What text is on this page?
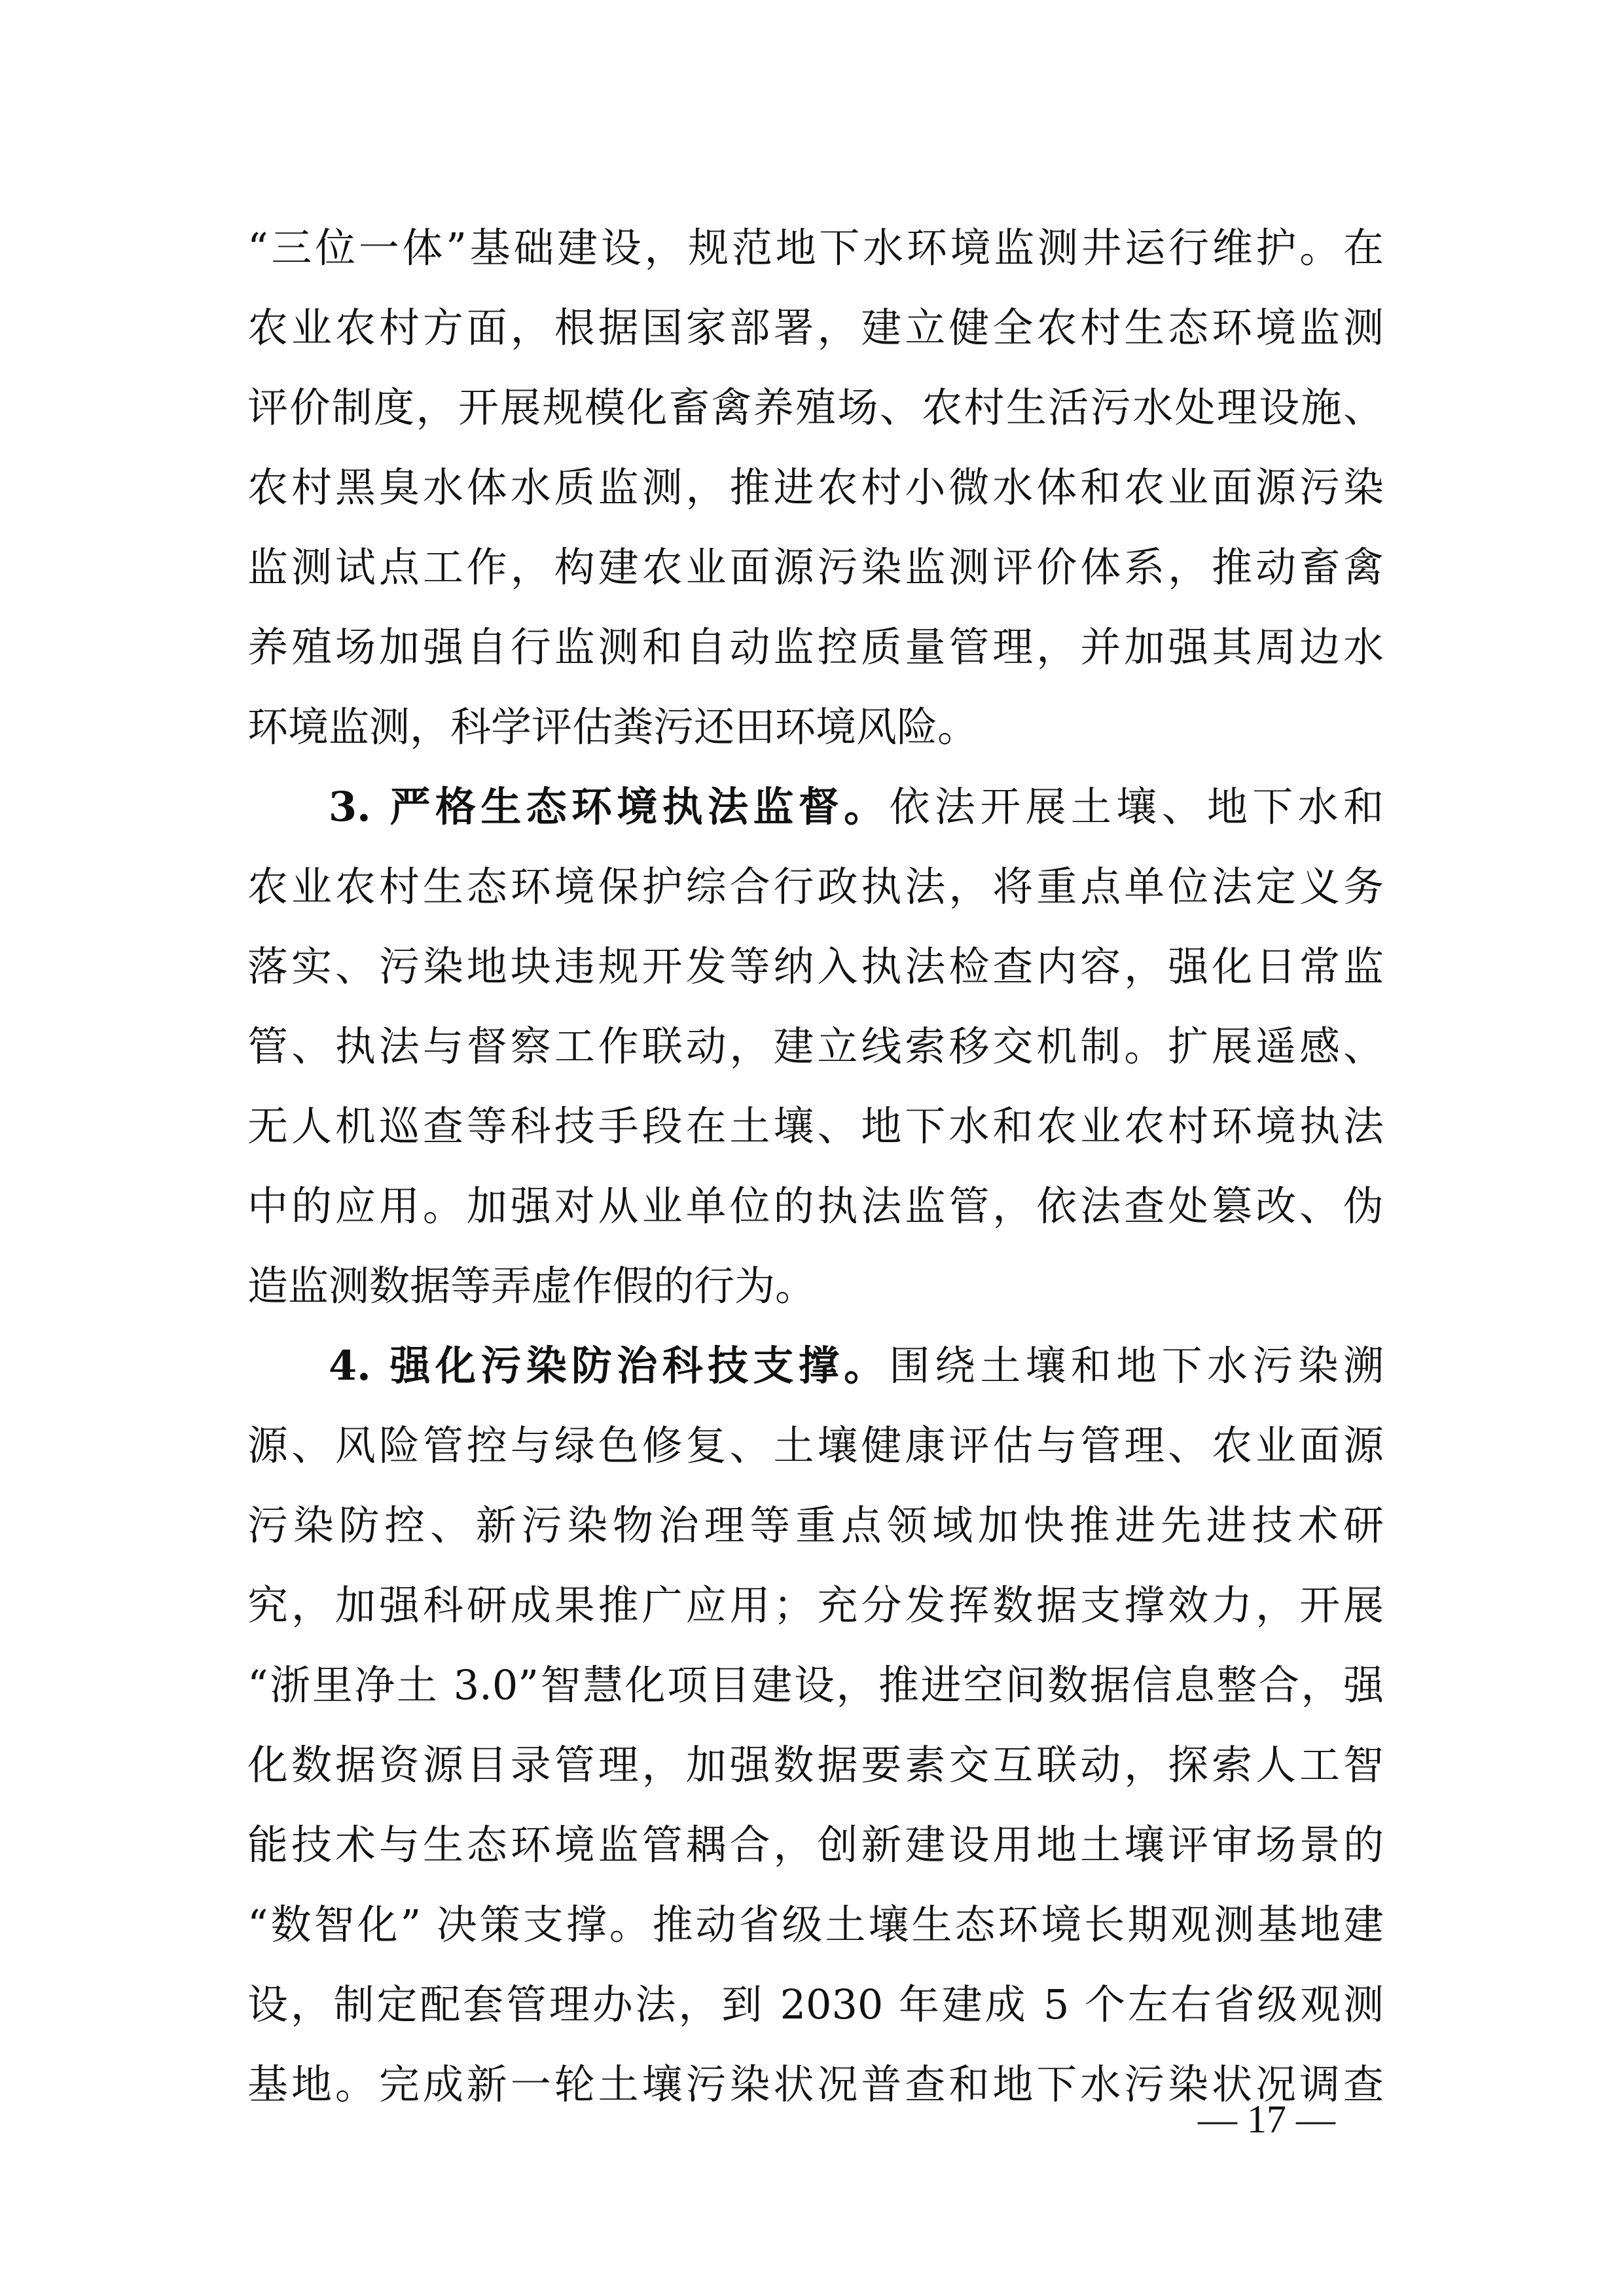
“三位一体”基础建设，规范地下水环境监测井运行维护。在
农业农村方面，根据国家部署，建立健全农村生态环境监测
评价制度，开展规模化畜禽养殖场、农村生活污水处理设施、
农村黑臭水体水质监测，推进农村小微水体和农业面源污染
监测试点工作，构建农业面源污染监测评价体系，推动畜禽
养殖场加强自行监测和自动监控质量管理，并加强其周边水
环境监测，科学评估粪污还田环境风险。
3. 严格生态环境执法监督。依法开展土壤、地下水和
农业农村生态环境保护综合行政执法，将重点单位法定义务
落实、污染地块违规开发等纳入执法检查内容，强化日常监
管、执法与督察工作联动，建立线索移交机制。扩展遥感、
无人机巡查等科技手段在土壤、地下水和农业农村环境执法
中的应用。加强对从业单位的执法监管，依法查处篡改、伪
造监测数据等弄虚作假的行为。
4. 强化污染防治科技支撑。围绕土壤和地下水污染溯
源、风险管控与绿色修复、土壤健康评估与管理、农业面源
污染防控、新污染物治理等重点领域加快推进先进技术研
究，加强科研成果推广应用；充分发挥数据支撑效力，开展
“浙里净土 3.0”智慧化项目建设，推进空间数据信息整合，强
化数据资源目录管理，加强数据要素交互联动，探索人工智
能技术与生态环境监管耦合，创新建设用地土壤评审场景的
“数智化” 决策支撑。推动省级土壤生态环境长期观测基地建
设，制定配套管理办法，到 2030 年建成 5 个左右省级观测
基地。完成新一轮土壤污染状况普查和地下水污染状况调查
— 17 —
